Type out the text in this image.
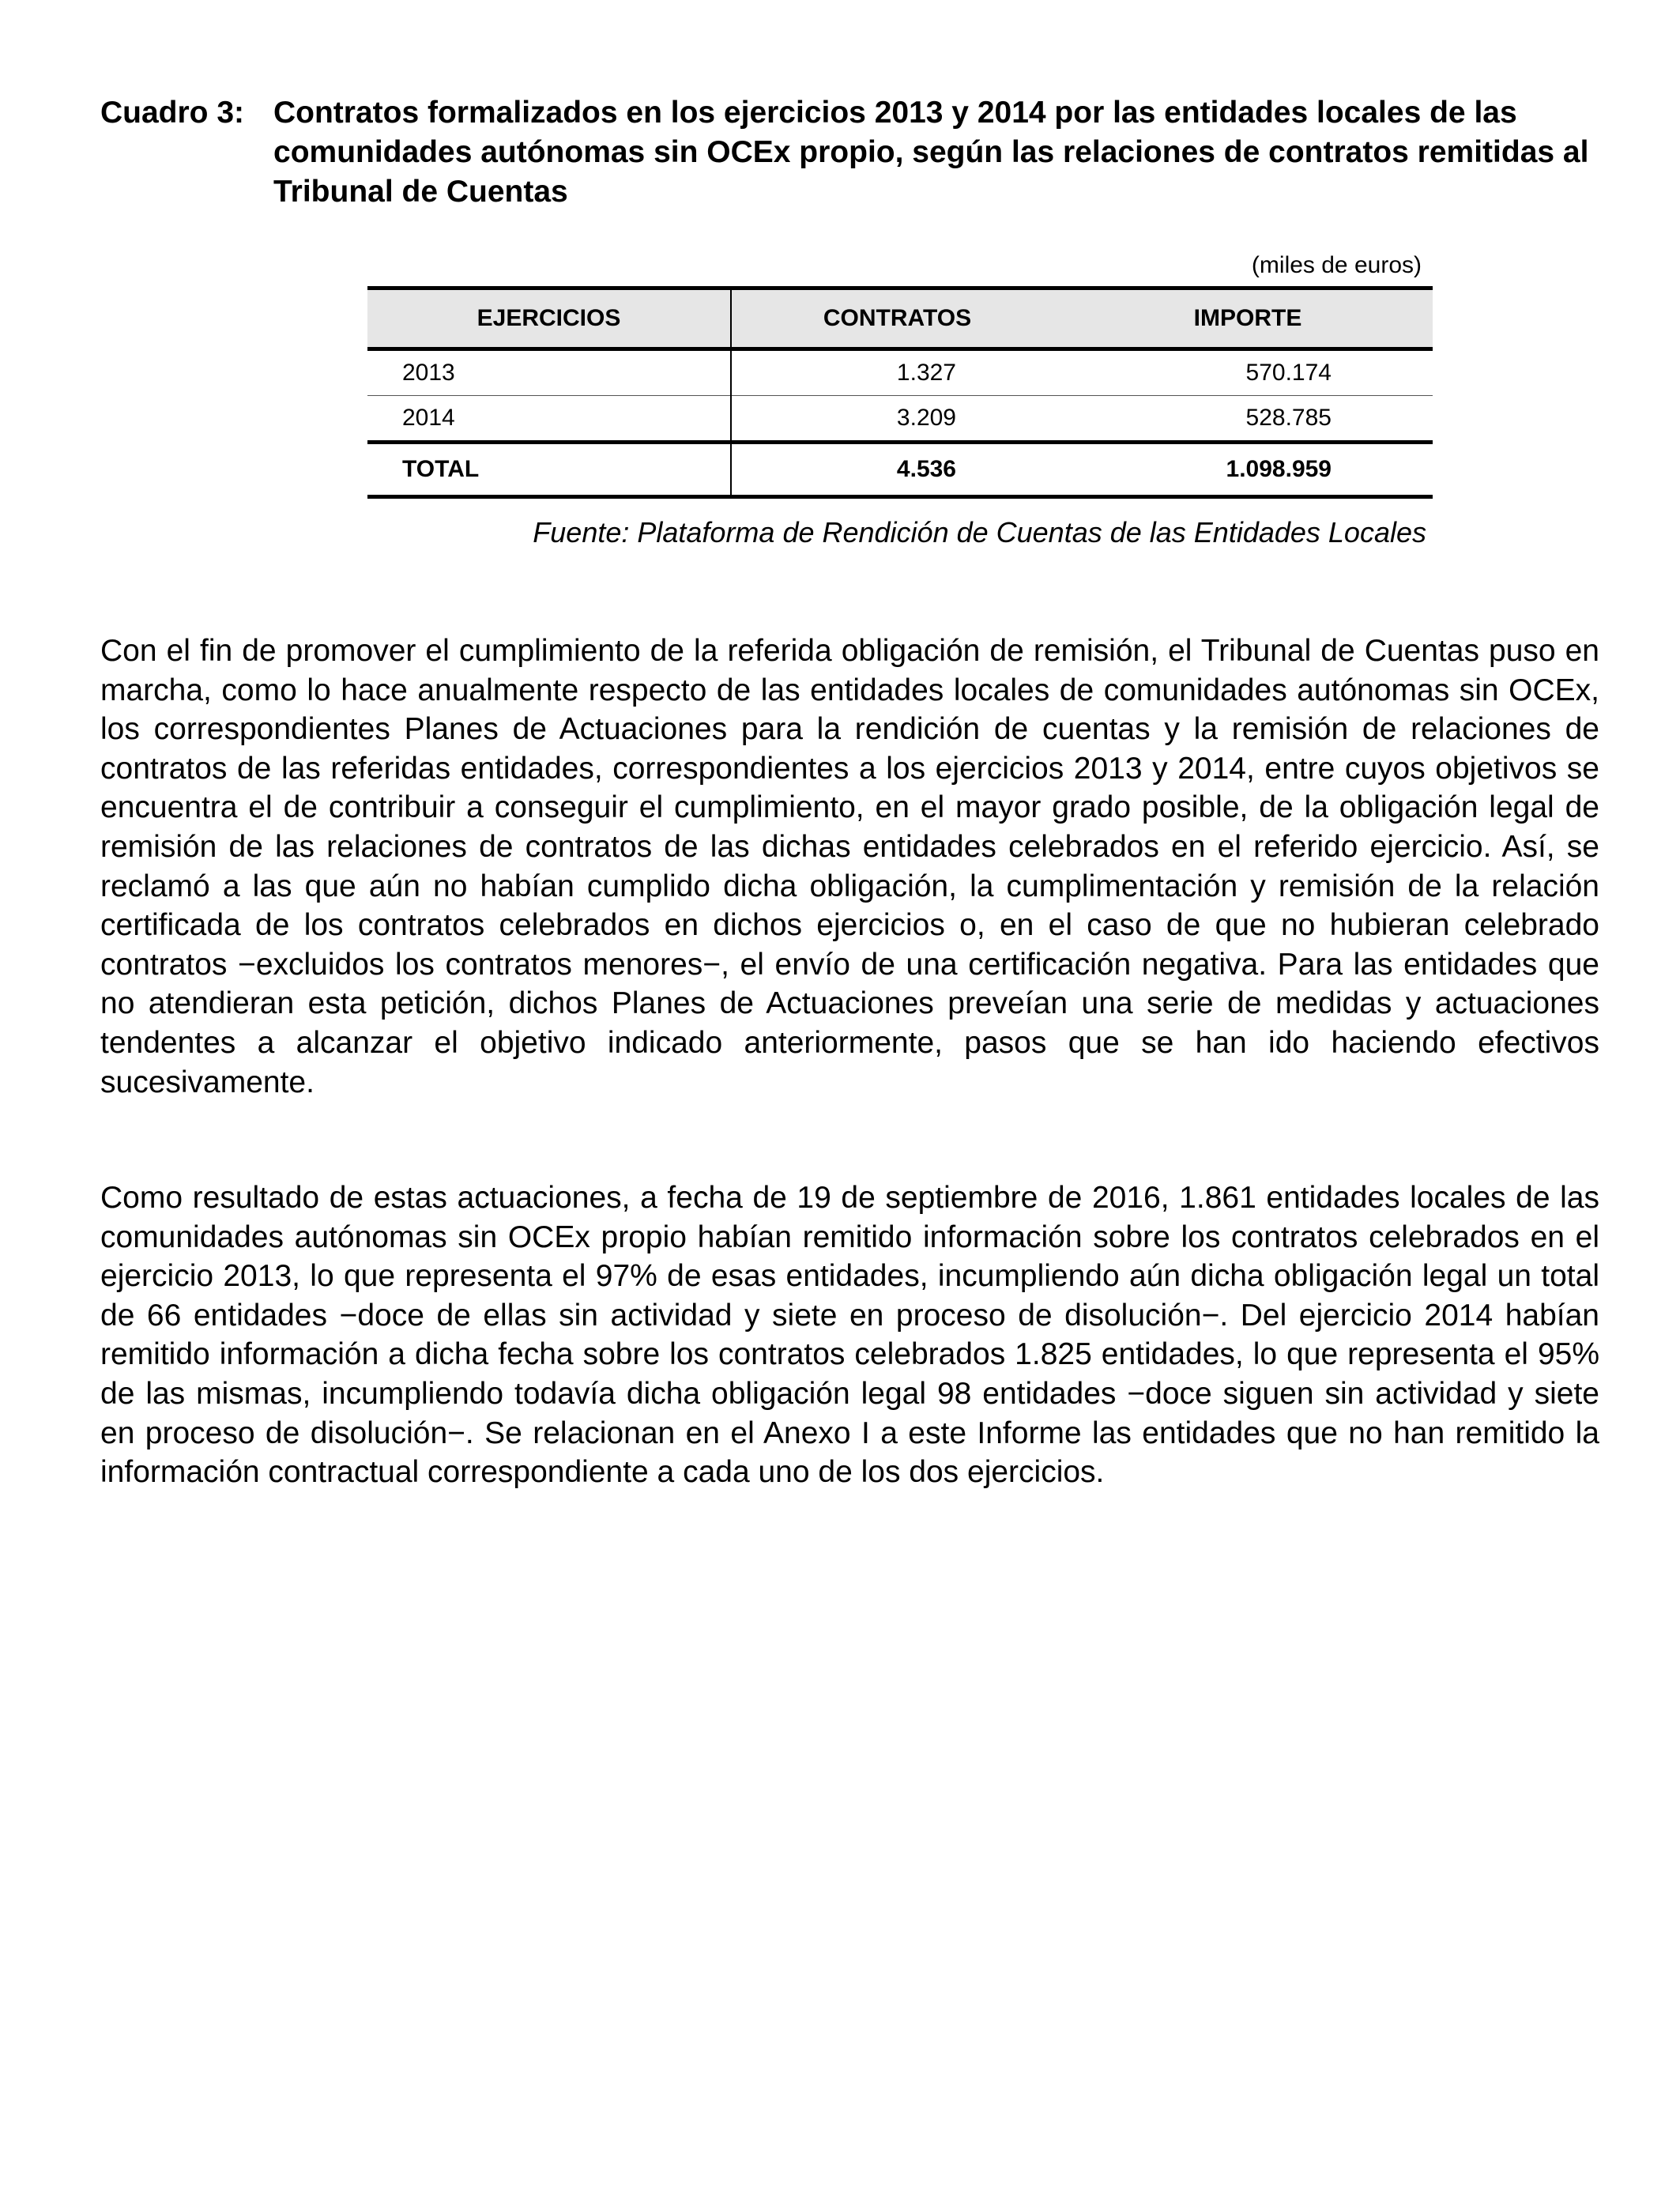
Cuadro 3: Contratos formalizados en los ejercicios 2013 y 2014 por las entidades locales de las comunidades autónomas sin OCEx propio, según las relaciones de contratos remitidas al Tribunal de Cuentas
(miles de euros)
EJERCICIOS	CONTRATOS	IMPORTE
2013	1.327	570.174
2014	3.209	528.785
TOTAL	4.536	1.098.959
Fuente: Plataforma de Rendición de Cuentas de las Entidades Locales

Con el fin de promover el cumplimiento de la referida obligación de remisión, el Tribunal de Cuentas puso en marcha, como lo hace anualmente respecto de las entidades locales de comunidades autónomas sin OCEx, los correspondientes Planes de Actuaciones para la rendición de cuentas y la remisión de relaciones de contratos de las referidas entidades, correspondientes a los ejercicios 2013 y 2014, entre cuyos objetivos se encuentra el de contribuir a conseguir el cumplimiento, en el mayor grado posible, de la obligación legal de remisión de las relaciones de contratos de las dichas entidades celebrados en el referido ejercicio. Así, se reclamó a las que aún no habían cumplido dicha obligación, la cumplimentación y remisión de la relación certificada de los contratos celebrados en dichos ejercicios o, en el caso de que no hubieran celebrado contratos −excluidos los contratos menores−, el envío de una certificación negativa. Para las entidades que no atendieran esta petición, dichos Planes de Actuaciones preveían una serie de medidas y actuaciones tendentes a alcanzar el objetivo indicado anteriormente, pasos que se han ido haciendo efectivos sucesivamente.

Como resultado de estas actuaciones, a fecha de 19 de septiembre de 2016, 1.861 entidades locales de las comunidades autónomas sin OCEx propio habían remitido información sobre los contratos celebrados en el ejercicio 2013, lo que representa el 97% de esas entidades, incumpliendo aún dicha obligación legal un total de 66 entidades −doce de ellas sin actividad y siete en proceso de disolución−. Del ejercicio 2014 habían remitido información a dicha fecha sobre los contratos celebrados 1.825 entidades, lo que representa el 95% de las mismas, incumpliendo todavía dicha obligación legal 98 entidades −doce siguen sin actividad y siete en proceso de disolución−. Se relacionan en el Anexo I a este Informe las entidades que no han remitido la información contractual correspondiente a cada uno de los dos ejercicios.
